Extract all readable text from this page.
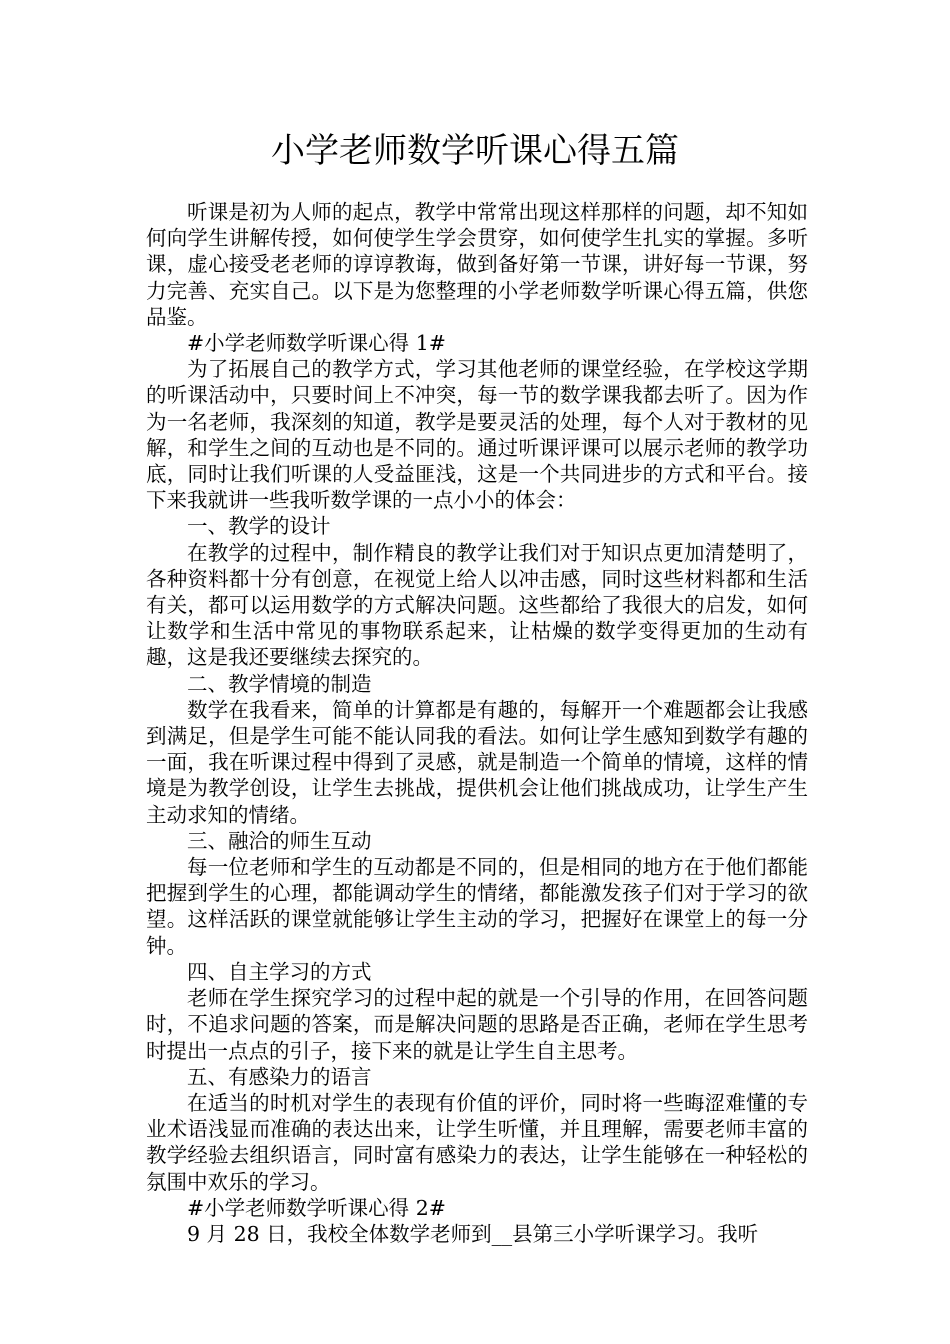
小学老师数学听课心得五篇

听课是初为人师的起点，教学中常常出现这样那样的问题，却不知如何向学生讲解传授，如何使学生学会贯穿，如何使学生扎实的掌握。多听课，虚心接受老老师的谆谆教诲，做到备好第一节课，讲好每一节课，努力完善、充实自己。以下是为您整理的小学老师数学听课心得五篇，供您品鉴。

#小学老师数学听课心得 1#

为了拓展自己的教学方式，学习其他老师的课堂经验，在学校这学期的听课活动中，只要时间上不冲突，每一节的数学课我都去听了。因为作为一名老师，我深刻的知道，教学是要灵活的处理，每个人对于教材的见解，和学生之间的互动也是不同的。通过听课评课可以展示老师的教学功底，同时让我们听课的人受益匪浅，这是一个共同进步的方式和平台。接下来我就讲一些我听数学课的一点小小的体会：

一、教学的设计

在教学的过程中，制作精良的教学让我们对于知识点更加清楚明了，各种资料都十分有创意，在视觉上给人以冲击感，同时这些材料都和生活有关，都可以运用数学的方式解决问题。这些都给了我很大的启发，如何让数学和生活中常见的事物联系起来，让枯燥的数学变得更加的生动有趣，这是我还要继续去探究的。

二、教学情境的制造

数学在我看来，简单的计算都是有趣的，每解开一个难题都会让我感到满足，但是学生可能不能认同我的看法。如何让学生感知到数学有趣的一面，我在听课过程中得到了灵感，就是制造一个简单的情境，这样的情境是为教学创设，让学生去挑战，提供机会让他们挑战成功，让学生产生主动求知的情绪。

三、融洽的师生互动

每一位老师和学生的互动都是不同的，但是相同的地方在于他们都能把握到学生的心理，都能调动学生的情绪，都能激发孩子们对于学习的欲望。这样活跃的课堂就能够让学生主动的学习，把握好在课堂上的每一分钟。

四、自主学习的方式

老师在学生探究学习的过程中起的就是一个引导的作用，在回答问题时，不追求问题的答案，而是解决问题的思路是否正确，老师在学生思考时提出一点点的引子，接下来的就是让学生自主思考。

五、有感染力的语言

在适当的时机对学生的表现有价值的评价，同时将一些晦涩难懂的专业术语浅显而准确的表达出来，让学生听懂，并且理解，需要老师丰富的教学经验去组织语言，同时富有感染力的表达，让学生能够在一种轻松的氛围中欢乐的学习。

#小学老师数学听课心得 2#

9 月 28 日，我校全体数学老师到__县第三小学听课学习。我听
